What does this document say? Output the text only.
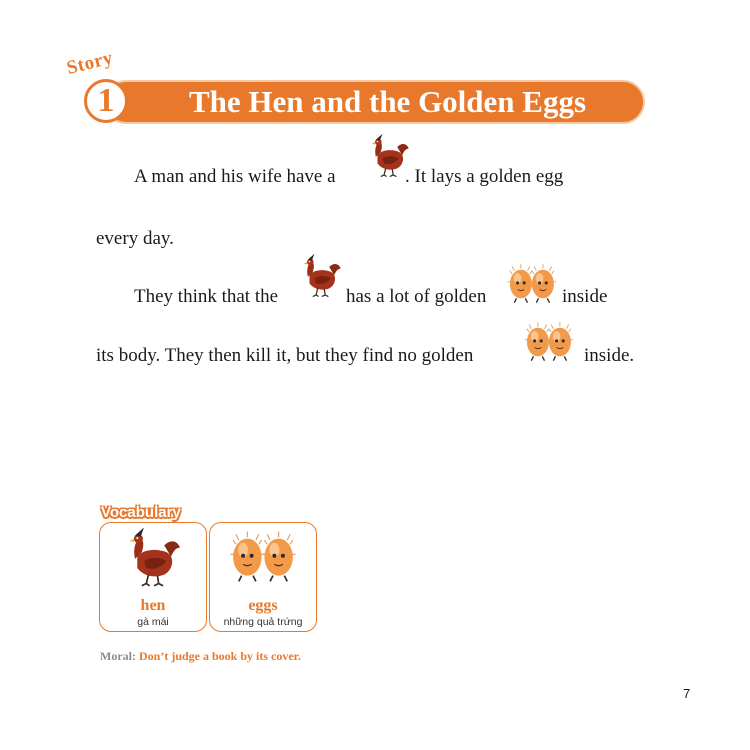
Story
1	The Hen and the Golden Eggs
A man and his wife have a	. It lays a golden egg
every day.
They think that the	has a lot of golden	inside
its body. They then kill it, but they find no golden	inside.
hen
gà mái
eggs
những quả trứng
Vocabulary
Moral: Don’t judge a book by its cover.
7
